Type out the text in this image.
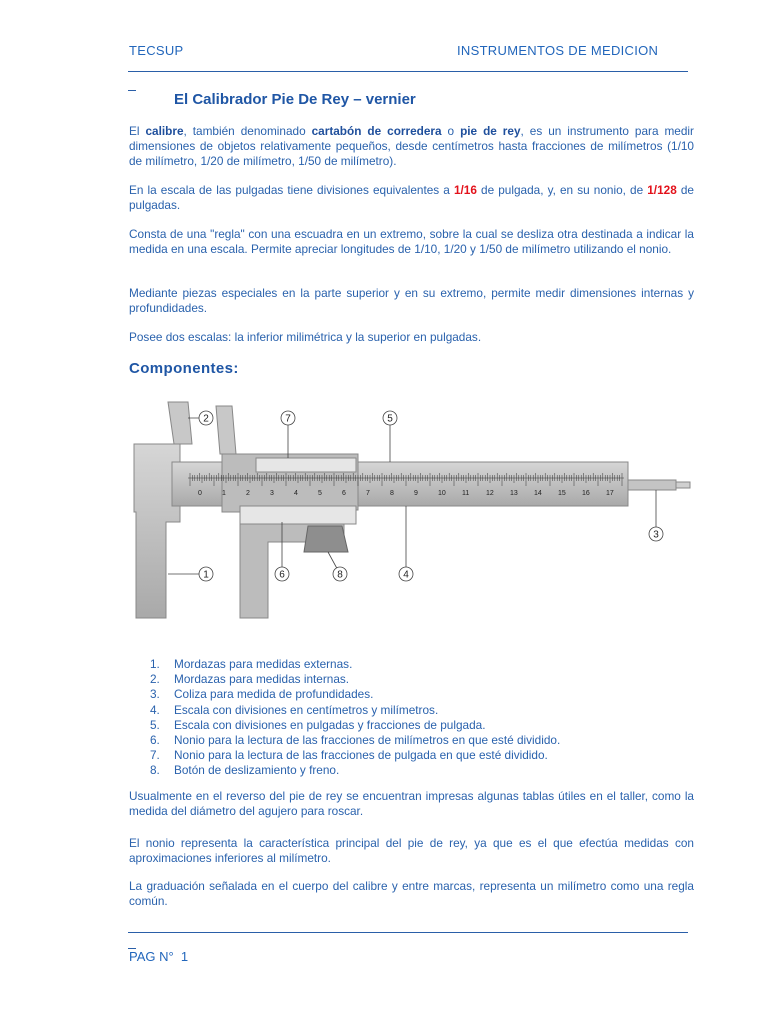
TECSUP	INSTRUMENTOS DE MEDICION
El Calibrador Pie De Rey – vernier
El calibre, también denominado cartabón de corredera o pie de rey, es un instrumento para medir dimensiones de objetos relativamente pequeños, desde centímetros hasta fracciones de milímetros (1/10 de milímetro, 1/20 de milímetro, 1/50 de milímetro).
En la escala de las pulgadas tiene divisiones equivalentes a 1/16 de pulgada, y, en su nonio, de 1/128 de pulgadas.
Consta de una "regla" con una escuadra en un extremo, sobre la cual se desliza otra destinada a indicar la medida en una escala. Permite apreciar longitudes de 1/10, 1/20 y 1/50 de milímetro utilizando el nonio.
Mediante piezas especiales en la parte superior y en su extremo, permite medir dimensiones internas y profundidades.
Posee dos escalas: la inferior milimétrica y la superior en pulgadas.
Componentes:
0	1	2	3	4	5	6	7	8	9	10 11 12 13 14 15 16 17
2	7	5
3
1	6	8	4
1. Mordazas para medidas externas.
2. Mordazas para medidas internas.
3. Coliza para medida de profundidades.
4. Escala con divisiones en centímetros y milímetros.
5. Escala con divisiones en pulgadas y fracciones de pulgada.
6. Nonio para la lectura de las fracciones de milímetros en que esté dividido.
7. Nonio para la lectura de las fracciones de pulgada en que esté dividido.
8. Botón de deslizamiento y freno.
Usualmente en el reverso del pie de rey se encuentran impresas algunas tablas útiles en el taller, como la medida del diámetro del agujero para roscar.
El nonio representa la característica principal del pie de rey, ya que es el que efectúa medidas con aproximaciones inferiores al milímetro.
La graduación señalada en el cuerpo del calibre y entre marcas, representa un milímetro como una regla común.
PAG N° 1
